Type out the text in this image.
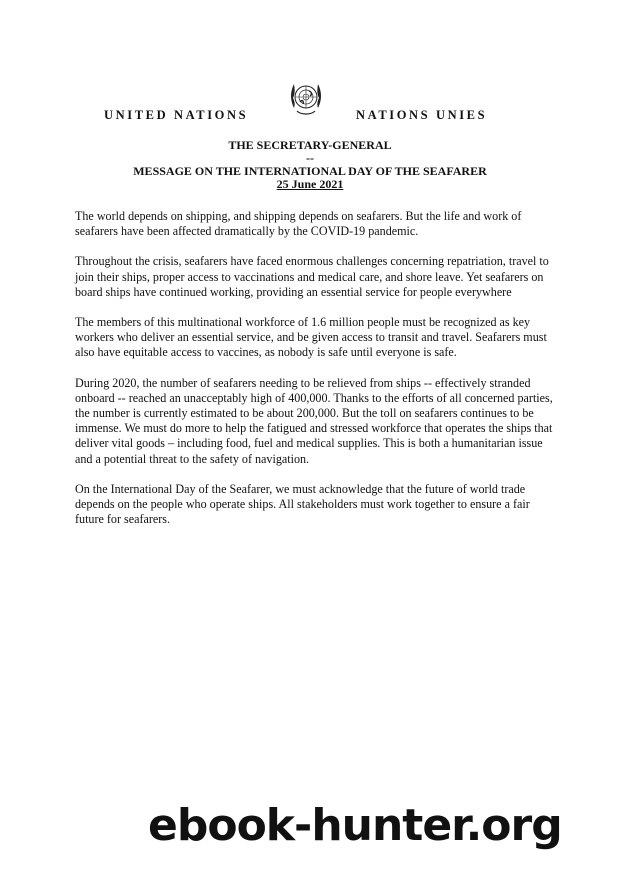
UNITED NATIONS	NATIONS UNIES
THE SECRETARY-GENERAL
--
MESSAGE ON THE INTERNATIONAL DAY OF THE SEAFARER
25 June 2021

The world depends on shipping, and shipping depends on seafarers. But the life and work of seafarers have been affected dramatically by the COVID-19 pandemic.

Throughout the crisis, seafarers have faced enormous challenges concerning repatriation, travel to join their ships, proper access to vaccinations and medical care, and shore leave. Yet seafarers on board ships have continued working, providing an essential service for people everywhere

The members of this multinational workforce of 1.6 million people must be recognized as key workers who deliver an essential service, and be given access to transit and travel. Seafarers must also have equitable access to vaccines, as nobody is safe until everyone is safe.

During 2020, the number of seafarers needing to be relieved from ships -- effectively stranded onboard -- reached an unacceptably high of 400,000. Thanks to the efforts of all concerned parties, the number is currently estimated to be about 200,000. But the toll on seafarers continues to be immense. We must do more to help the fatigued and stressed workforce that operates the ships that deliver vital goods – including food, fuel and medical supplies. This is both a humanitarian issue and a potential threat to the safety of navigation.

On the International Day of the Seafarer, we must acknowledge that the future of world trade depends on the people who operate ships. All stakeholders must work together to ensure a fair future for seafarers.

ebook-hunter.org
